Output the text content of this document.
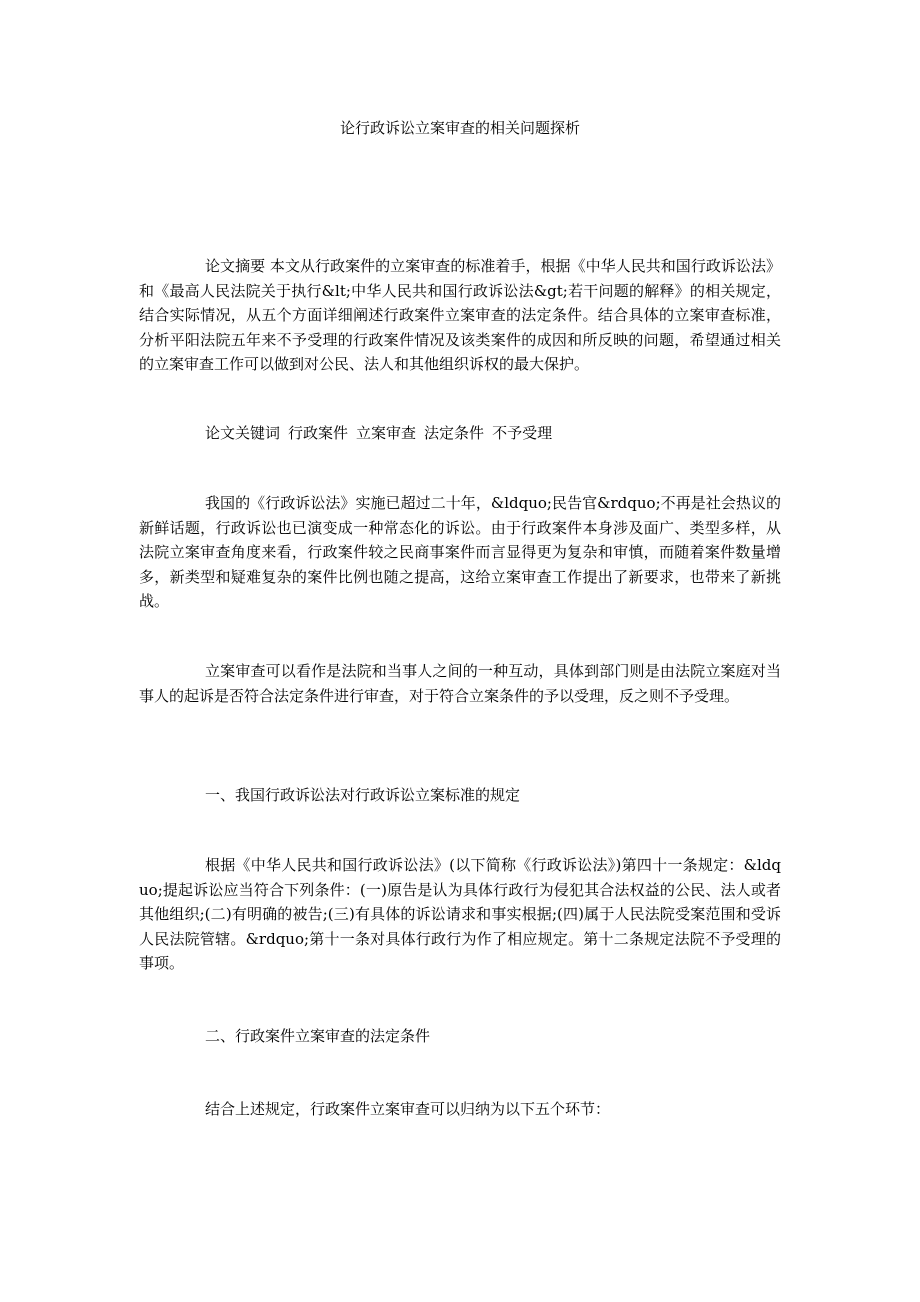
论行政诉讼立案审查的相关问题探析

论文摘要 本文从行政案件的立案审查的标准着手，根据《中华人民共和国行政诉讼法》和《最高人民法院关于执行&lt;中华人民共和国行政诉讼法&gt;若干问题的解释》的相关规定，结合实际情况，从五个方面详细阐述行政案件立案审查的法定条件。结合具体的立案审查标准，分析平阳法院五年来不予受理的行政案件情况及该类案件的成因和所反映的问题，希望通过相关的立案审查工作可以做到对公民、法人和其他组织诉权的最大保护。

论文关键词 行政案件 立案审查 法定条件 不予受理

我国的《行政诉讼法》实施已超过二十年，&ldquo;民告官&rdquo;不再是社会热议的新鲜话题，行政诉讼也已演变成一种常态化的诉讼。由于行政案件本身涉及面广、类型多样，从法院立案审查角度来看，行政案件较之民商事案件而言显得更为复杂和审慎，而随着案件数量增多，新类型和疑难复杂的案件比例也随之提高，这给立案审查工作提出了新要求，也带来了新挑战。

立案审查可以看作是法院和当事人之间的一种互动，具体到部门则是由法院立案庭对当事人的起诉是否符合法定条件进行审查，对于符合立案条件的予以受理，反之则不予受理。

一、我国行政诉讼法对行政诉讼立案标准的规定

根据《中华人民共和国行政诉讼法》(以下简称《行政诉讼法》)第四十一条规定：&ldquo;提起诉讼应当符合下列条件：(一)原告是认为具体行政行为侵犯其合法权益的公民、法人或者其他组织;(二)有明确的被告;(三)有具体的诉讼请求和事实根据;(四)属于人民法院受案范围和受诉人民法院管辖。&rdquo;第十一条对具体行政行为作了相应规定。第十二条规定法院不予受理的事项。

二、行政案件立案审查的法定条件

结合上述规定，行政案件立案审查可以归纳为以下五个环节：
